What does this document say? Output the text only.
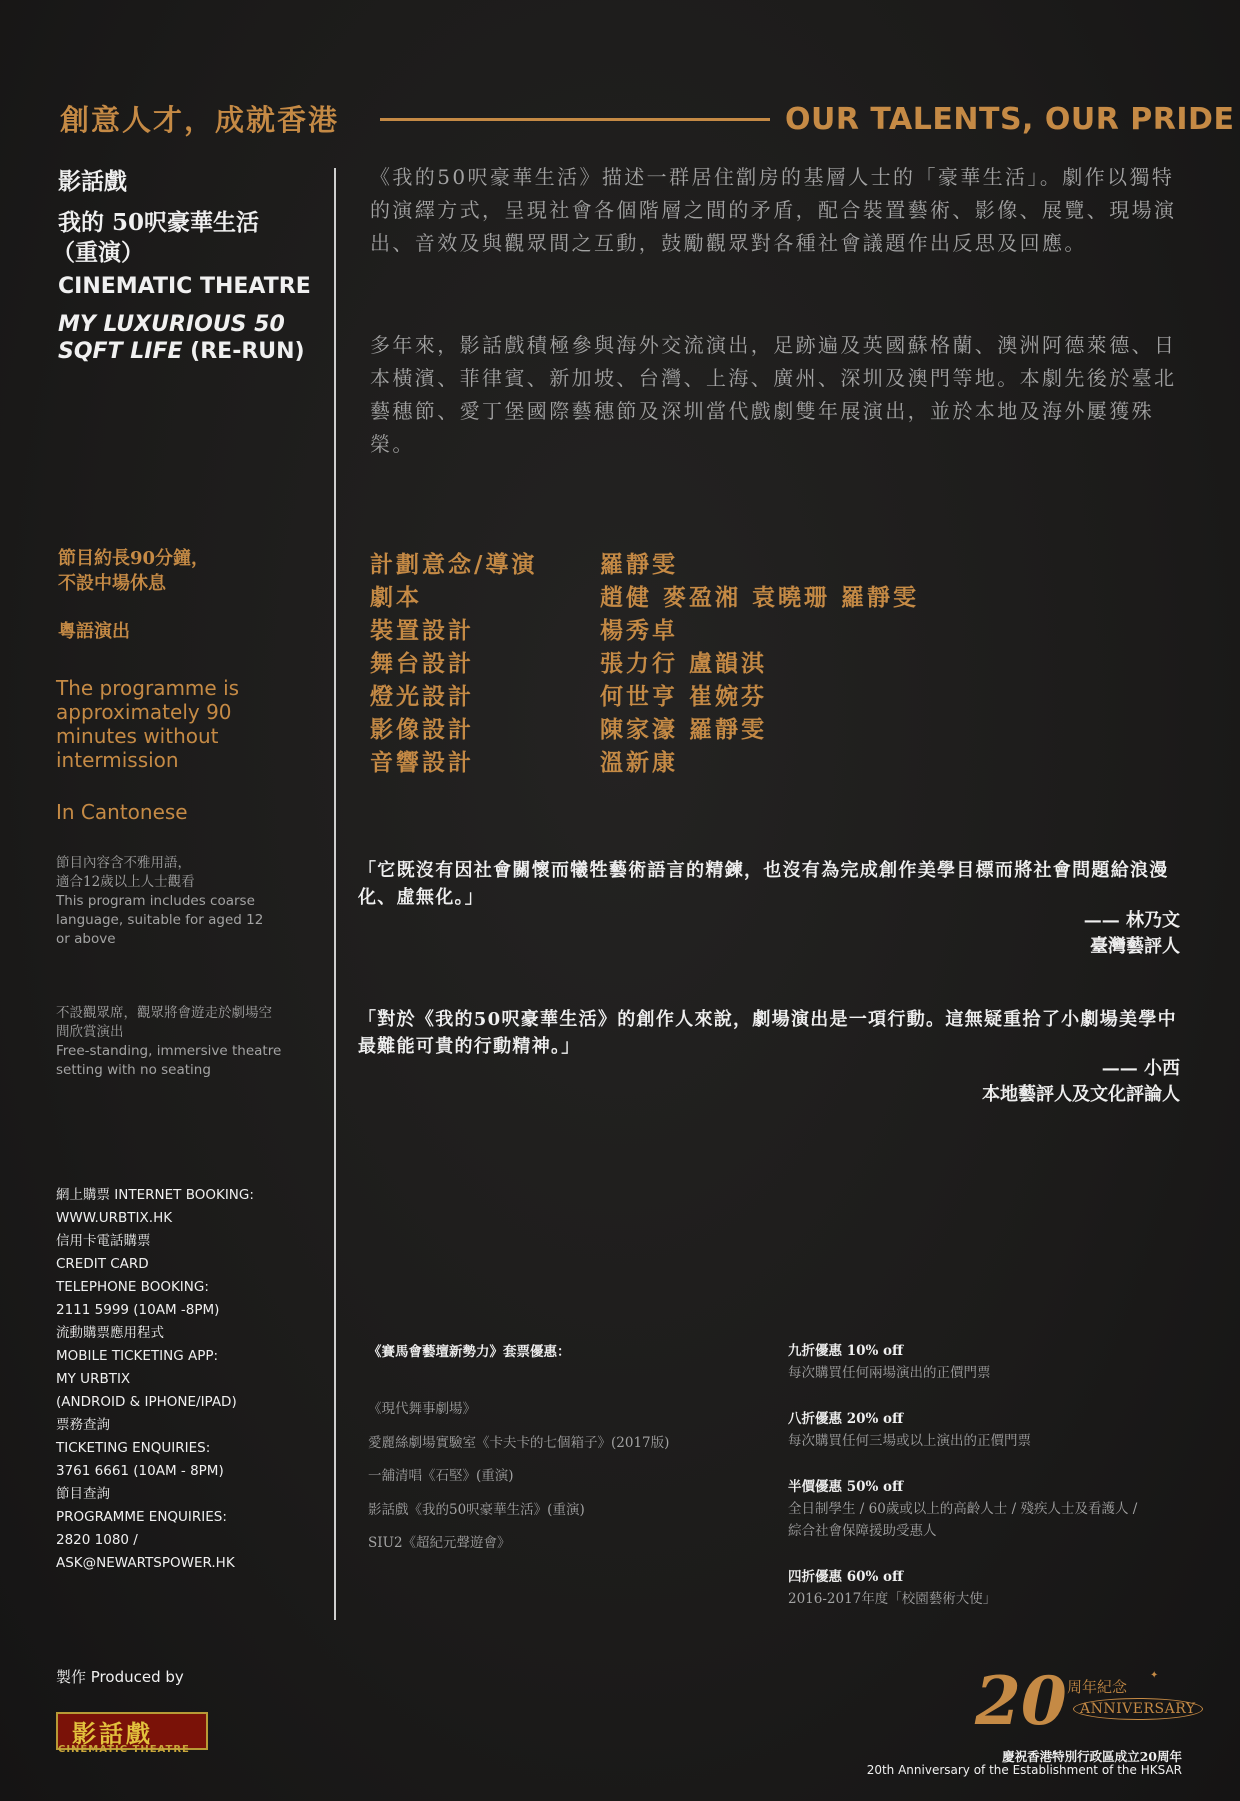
創意人才，成就香港	OUR TALENTS, OUR PRIDE
影話戲
我的 50呎豪華生活
（重演）
CINEMATIC THEATRE
MY LUXURIOUS 50
SQFT LIFE (RE-RUN)
節目約長90分鐘，
不設中場休息
粵語演出
The programme is
approximately 90
minutes without
intermission
In Cantonese
節目內容含不雅用語，
適合12歲以上人士觀看
This program includes coarse
language, suitable for aged 12
or above
不設觀眾席，觀眾將會遊走於劇場空
間欣賞演出
Free-standing, immersive theatre
setting with no seating
網上購票 INTERNET BOOKING:
WWW.URBTIX.HK
信用卡電話購票
CREDIT CARD
TELEPHONE BOOKING:
2111 5999 (10AM -8PM)
流動購票應用程式
MOBILE TICKETING APP:
MY URBTIX
(ANDROID & IPHONE/IPAD)
票務查詢
TICKETING ENQUIRIES:
3761 6661 (10AM - 8PM)
節目查詢
PROGRAMME ENQUIRIES:
2820 1080 /
ASK@NEWARTSPOWER.HK
製作 Produced by
影話戲
CINEMATIC THEATRE
《我的50呎豪華生活》描述一群居住劏房的基層人士的「豪華生活」。劇作以獨特的演繹方式，呈現社會各個階層之間的矛盾，配合裝置藝術、影像、展覽、現場演出、音效及與觀眾間之互動，鼓勵觀眾對各種社會議題作出反思及回應。
多年來，影話戲積極參與海外交流演出，足跡遍及英國蘇格蘭、澳洲阿德萊德、日本橫濱、菲律賓、新加坡、台灣、上海、廣州、深圳及澳門等地。本劇先後於臺北藝穗節、愛丁堡國際藝穗節及深圳當代戲劇雙年展演出，並於本地及海外屢獲殊榮。
計劃意念/導演	羅靜雯
劇本	趙健 麥盈湘 袁曉珊 羅靜雯
裝置設計	楊秀卓
舞台設計	張力行 盧韻淇
燈光設計	何世亨 崔婉芬
影像設計	陳家濠 羅靜雯
音響設計	溫新康
「它既沒有因社會關懷而犧牲藝術語言的精鍊，也沒有為完成創作美學目標而將社會問題給浪漫化、虛無化。」
—— 林乃文
臺灣藝評人
「對於《我的50呎豪華生活》的創作人來說，劇場演出是一項行動。這無疑重拾了小劇場美學中最難能可貴的行動精神。」
—— 小西
本地藝評人及文化評論人
《賽馬會藝壇新勢力》套票優惠：
《現代舞事劇場》
愛麗絲劇場實驗室《卡夫卡的七個箱子》(2017版)
一舖清唱《石堅》(重演)
影話戲《我的50呎豪華生活》(重演)
SIU2《超紀元聲遊會》
九折優惠 10% off
每次購買任何兩場演出的正價門票
八折優惠 20% off
每次購買任何三場或以上演出的正價門票
半價優惠 50% off
全日制學生 / 60歲或以上的高齡人士 / 殘疾人士及看護人 /
綜合社會保障援助受惠人
四折優惠 60% off
2016-2017年度「校園藝術大使」
20 周年紀念
ANNIVERSARY
✦
慶祝香港特別行政區成立20周年
20th Anniversary of the Establishment of the HKSAR
